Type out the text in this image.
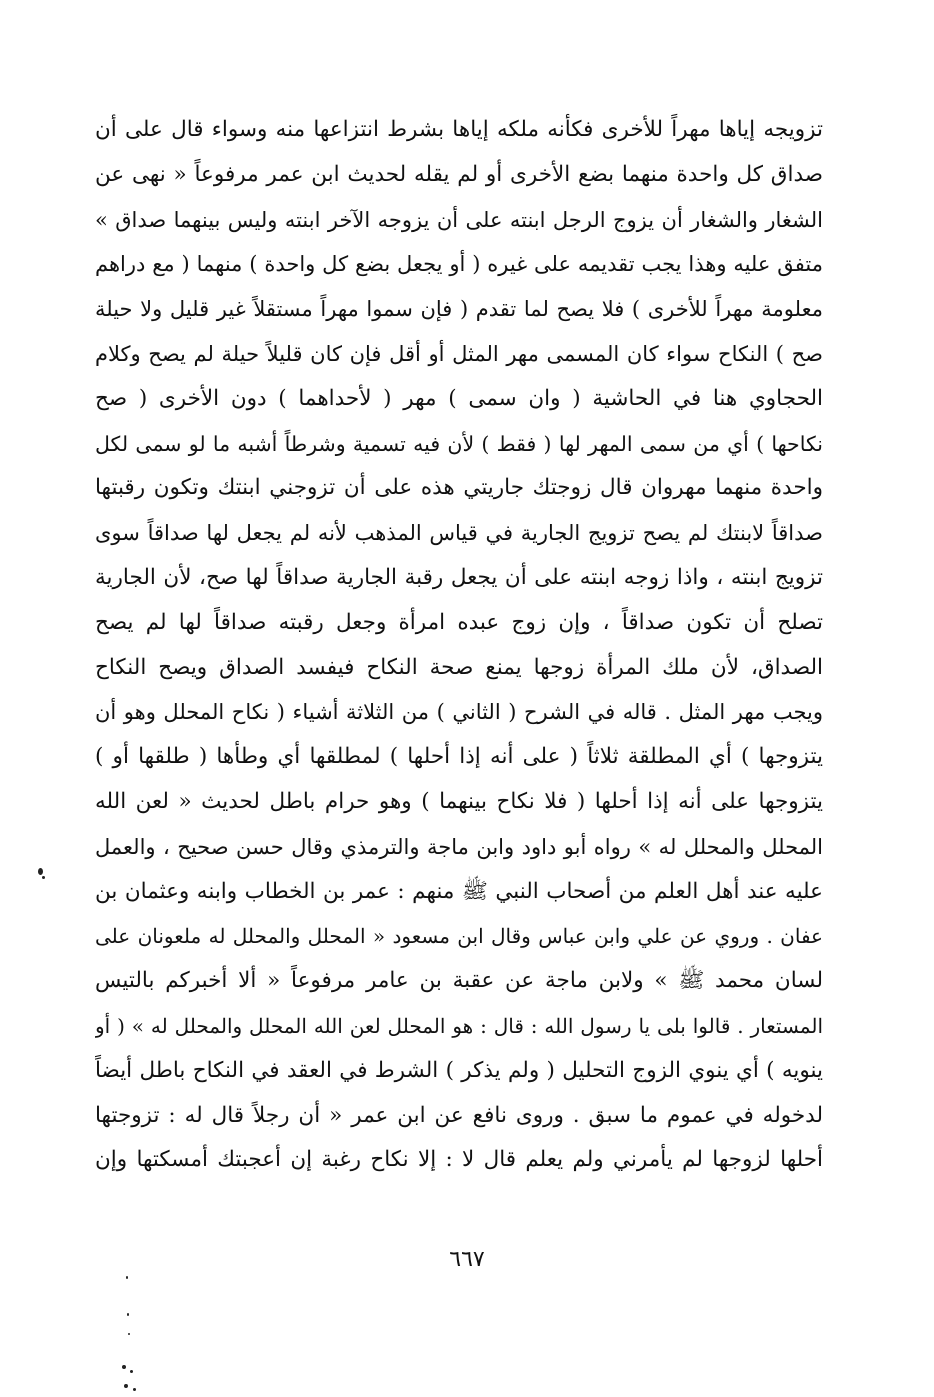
تزويجه إياها مهراً للأخرى فكأنه ملكه إياها بشرط انتزاعها منه وسواء قال على أن
صداق كل واحدة منهما بضع الأخرى أو لم يقله لحديث ابن عمر مرفوعاً « نهى عن
الشغار والشغار أن يزوج الرجل ابنته على أن يزوجه الآخر ابنته وليس بينهما صداق »
متفق عليه وهذا يجب تقديمه على غيره ( أو يجعل بضع كل واحدة ) منهما ( مع دراهم
معلومة مهراً للأخرى ) فلا يصح لما تقدم ( فإن سموا مهراً مستقلاً غير قليل ولا حيلة
صح ) النكاح سواء كان المسمى مهر المثل أو أقل فإن كان قليلاً حيلة لم يصح وكلام
الحجاوي هنا في الحاشية ( وان سمى ) مهر ( لأحداهما ) دون الأخرى ( صح
نكاحها ) أي من سمى المهر لها ( فقط ) لأن فيه تسمية وشرطاً أشبه ما لو سمى لكل
واحدة منهما مهروان قال زوجتك جاريتي هذه على أن تزوجني ابنتك وتكون رقبتها
صداقاً لابنتك لم يصح تزويج الجارية في قياس المذهب لأنه لم يجعل لها صداقاً سوى
تزويج ابنته ، واذا زوجه ابنته على أن يجعل رقبة الجارية صداقاً لها صح، لأن الجارية
تصلح أن تكون صداقاً ، وإن زوج عبده امرأة وجعل رقبته صداقاً لها لم يصح
الصداق، لأن ملك المرأة زوجها يمنع صحة النكاح فيفسد الصداق ويصح النكاح
ويجب مهر المثل . قاله في الشرح ( الثاني ) من الثلاثة أشياء ( نكاح المحلل وهو أن
يتزوجها ) أي المطلقة ثلاثاً ( على أنه إذا أحلها ) لمطلقها أي وطأها ( طلقها أو )
يتزوجها على أنه إذا أحلها ( فلا نكاح بينهما ) وهو حرام باطل لحديث « لعن الله
المحلل والمحلل له » رواه أبو داود وابن ماجة والترمذي وقال حسن صحيح ، والعمل
عليه عند أهل العلم من أصحاب النبي ﷺ منهم : عمر بن الخطاب وابنه وعثمان بن
عفان . وروي عن علي وابن عباس وقال ابن مسعود « المحلل والمحلل له ملعونان على
لسان محمد ﷺ » ولابن ماجة عن عقبة بن عامر مرفوعاً « ألا أخبركم بالتيس
المستعار . قالوا بلى يا رسول الله : قال : هو المحلل لعن الله المحلل والمحلل له » ( أو
ينويه ) أي ينوي الزوج التحليل ( ولم يذكر ) الشرط في العقد في النكاح باطل أيضاً
لدخوله في عموم ما سبق . وروى نافع عن ابن عمر « أن رجلاً قال له : تزوجتها
أحلها لزوجها لم يأمرني ولم يعلم قال لا : إلا نكاح رغبة إن أعجبتك أمسكتها وإن
٦٦٧
